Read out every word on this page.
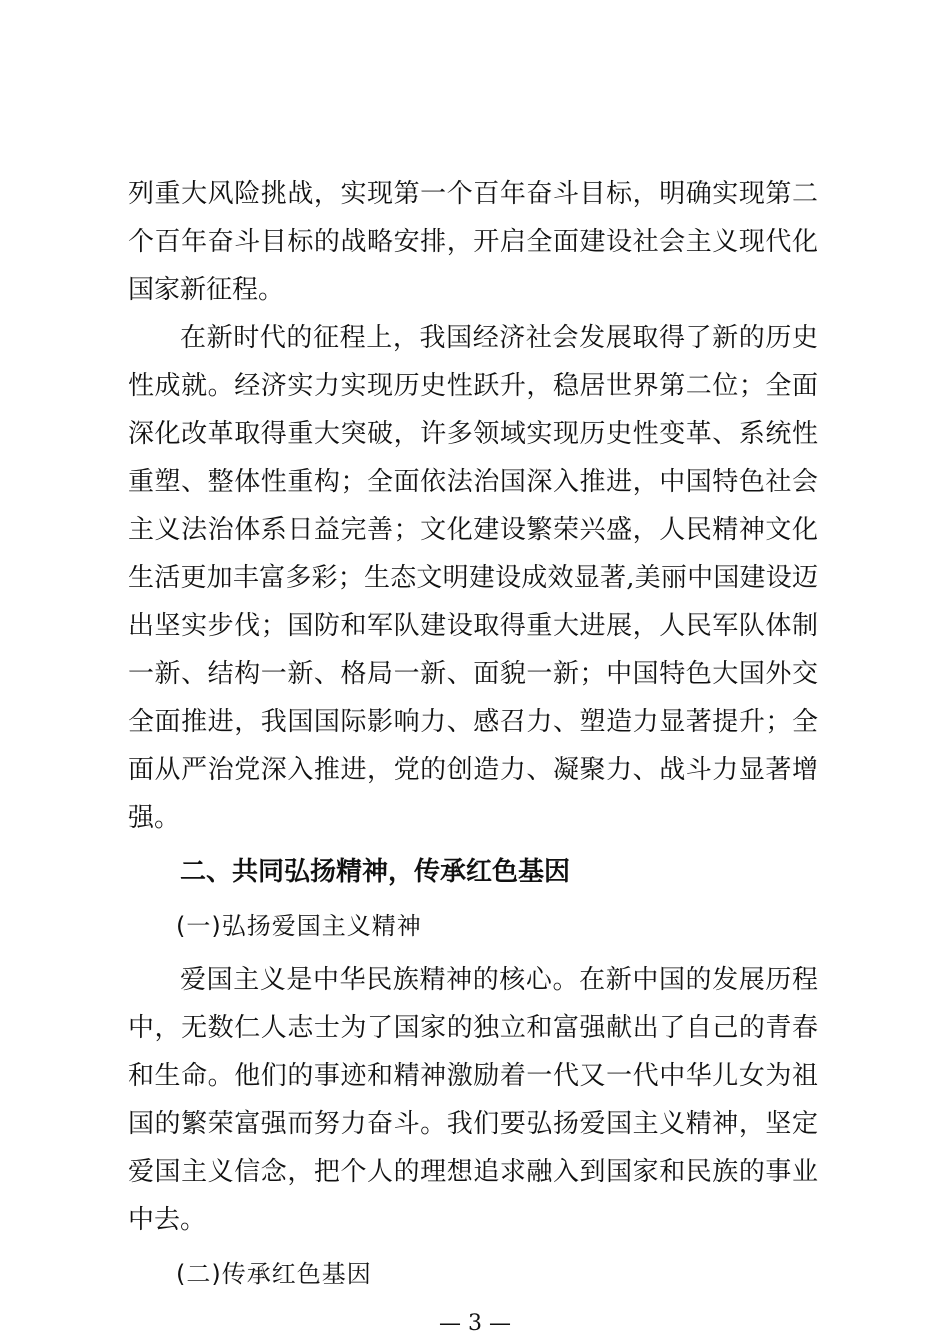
列重大风险挑战，实现第一个百年奋斗目标，明确实现第二个百年奋斗目标的战略安排，开启全面建设社会主义现代化国家新征程。

在新时代的征程上，我国经济社会发展取得了新的历史性成就。经济实力实现历史性跃升，稳居世界第二位；全面深化改革取得重大突破，许多领域实现历史性变革、系统性重塑、整体性重构；全面依法治国深入推进，中国特色社会主义法治体系日益完善；文化建设繁荣兴盛，人民精神文化生活更加丰富多彩；生态文明建设成效显著,美丽中国建设迈出坚实步伐；国防和军队建设取得重大进展，人民军队体制一新、结构一新、格局一新、面貌一新；中国特色大国外交全面推进，我国国际影响力、感召力、塑造力显著提升；全面从严治党深入推进，党的创造力、凝聚力、战斗力显著增强。

二、共同弘扬精神，传承红色基因

(一)弘扬爱国主义精神

爱国主义是中华民族精神的核心。在新中国的发展历程中，无数仁人志士为了国家的独立和富强献出了自己的青春和生命。他们的事迹和精神激励着一代又一代中华儿女为祖国的繁荣富强而努力奋斗。我们要弘扬爱国主义精神，坚定爱国主义信念，把个人的理想追求融入到国家和民族的事业中去。

(二)传承红色基因

— 3 —
